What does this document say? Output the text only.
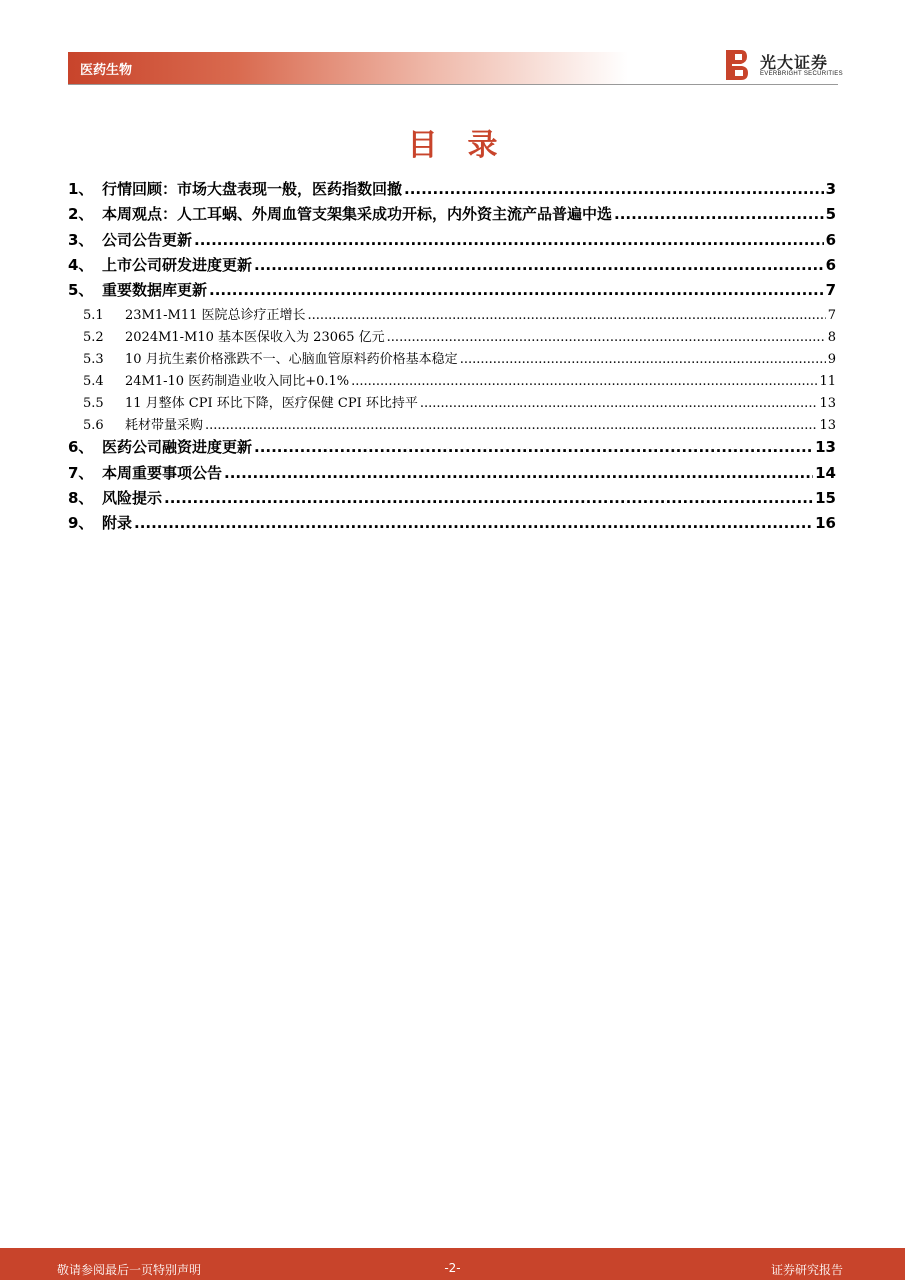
医药生物	光大证券
EVERBRIGHT SECURITIES
目录
1、 行情回顾：市场大盘表现一般，医药指数回撤 .....	3
2、 本周观点：人工耳蜗、外周血管支架集采成功开标，内外资主流产品普遍中选 .....	5
3、 公司公告更新 .....	6
4、 上市公司研发进度更新 .....	6
5、 重要数据库更新 .....	7
5.1	23M1-M11 医院总诊疗正增长 .....	7
5.2	2024M1-M10 基本医保收入为 23065 亿元 .....	8
5.3	10 月抗生素价格涨跌不一、心脑血管原料药价格基本稳定 .....	9
5.4	24M1-10 医药制造业收入同比+0.1% .....	11
5.5	11 月整体 CPI 环比下降，医疗保健 CPI 环比持平 .....	13
5.6	耗材带量采购 .....	13
6、 医药公司融资进度更新 .....	13
7、 本周重要事项公告 .....	14
8、 风险提示 .....	15
9、 附录 .....	16
敬请参阅最后一页特别声明	-2-	证券研究报告
